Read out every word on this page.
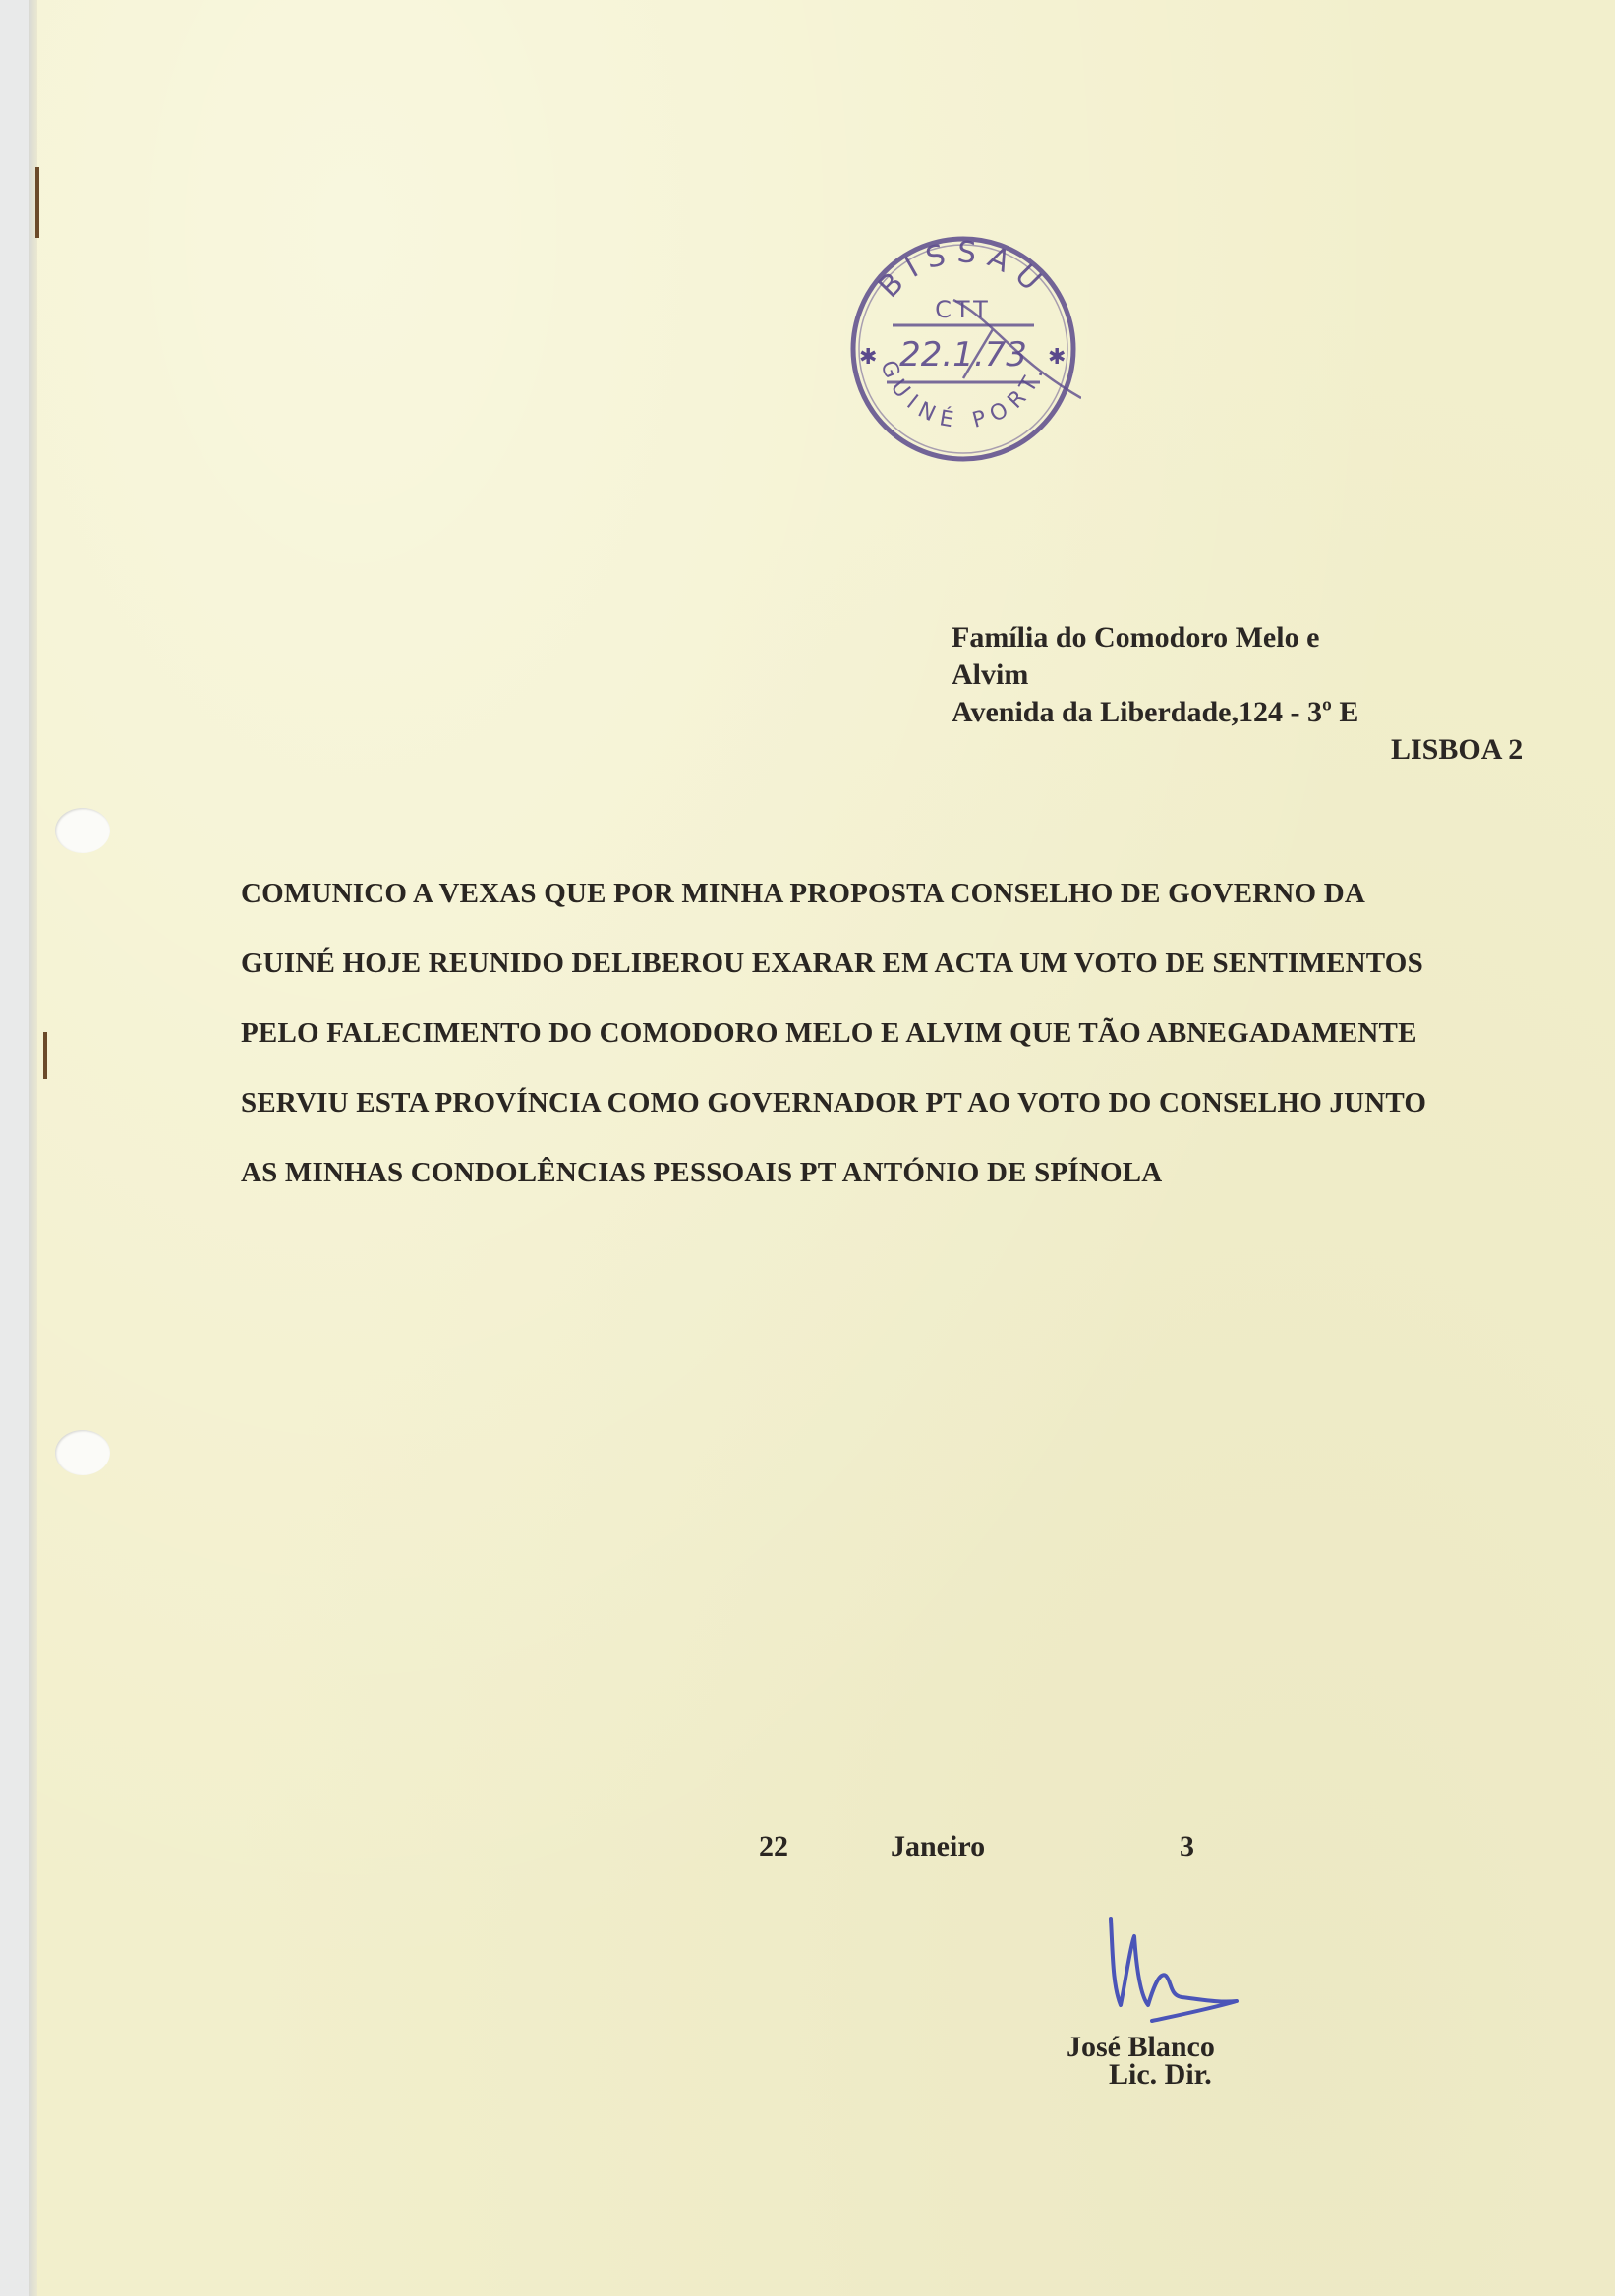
BISSAU
GUINÉ PORT.
CTT
✱	✱
22.1.73
Família do Comodoro Melo e
Alvim
Avenida da Liberdade,124 - 3º E
LISBOA 2
COMUNICO A VEXAS QUE POR MINHA PROPOSTA CONSELHO DE GOVERNO DA
GUINÉ HOJE REUNIDO DELIBEROU EXARAR EM ACTA UM VOTO DE SENTIMENTOS
PELO FALECIMENTO DO COMODORO MELO E ALVIM QUE TÃO ABNEGADAMENTE
SERVIU ESTA PROVÍNCIA COMO GOVERNADOR PT AO VOTO DO CONSELHO JUNTO
AS MINHAS CONDOLÊNCIAS PESSOAIS PT ANTÓNIO DE SPÍNOLA
22	Janeiro	3
José Blanco
Lic. Dir.
